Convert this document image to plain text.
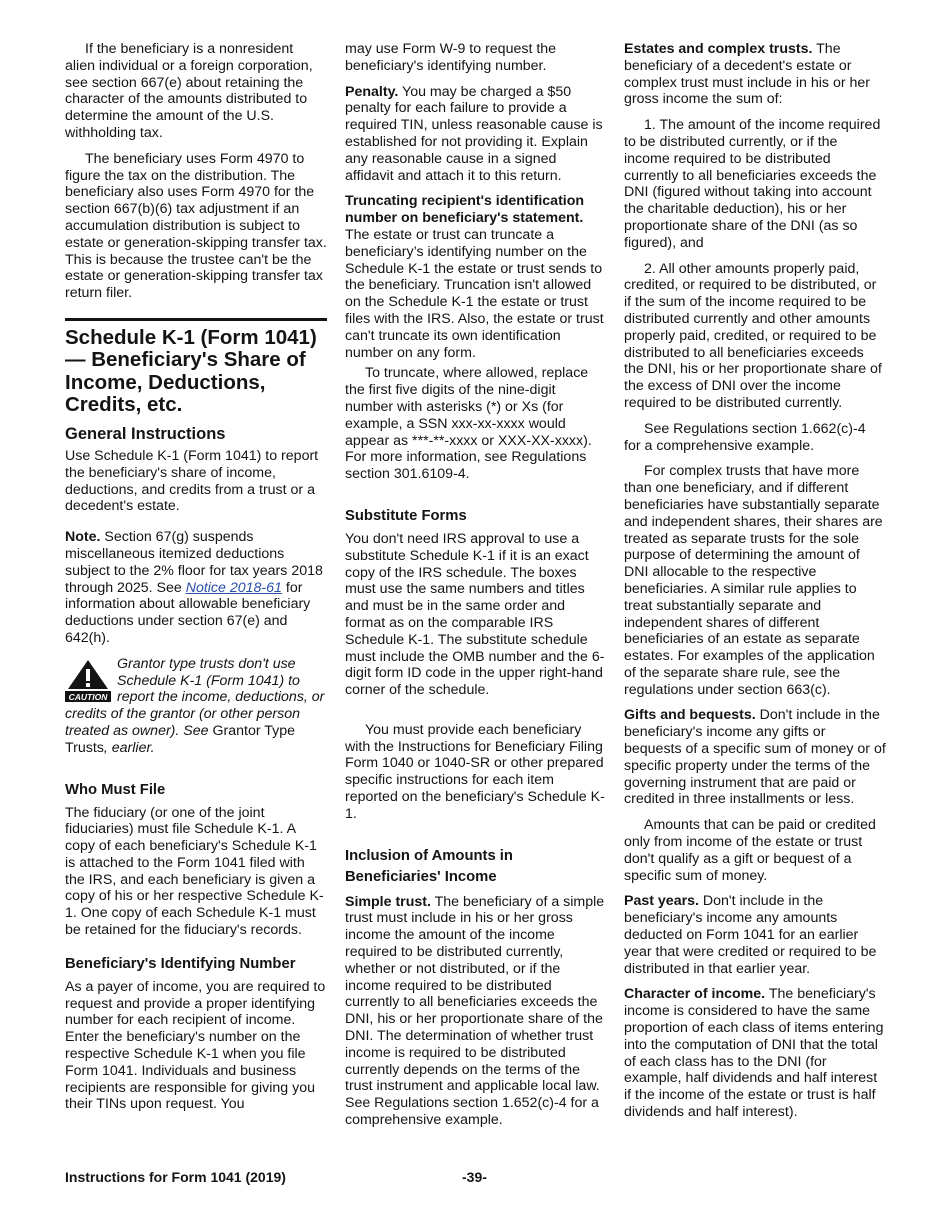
If the beneficiary is a nonresident alien individual or a foreign corporation, see section 667(e) about retaining the character of the amounts distributed to determine the amount of the U.S. withholding tax.

The beneficiary uses Form 4970 to figure the tax on the distribution. The beneficiary also uses Form 4970 for the section 667(b)(6) tax adjustment if an accumulation distribution is subject to estate or generation-skipping transfer tax. This is because the trustee can't be the estate or generation-skipping transfer tax return filer.

Schedule K-1 (Form 1041)— Beneficiary's Share of Income, Deductions, Credits, etc.
General Instructions

Use Schedule K-1 (Form 1041) to report the beneficiary's share of income, deductions, and credits from a trust or a decedent's estate.

Note. Section 67(g) suspends miscellaneous itemized deductions subject to the 2% floor for tax years 2018 through 2025. See Notice 2018-61 for information about allowable beneficiary deductions under section 67(e) and 642(h).

CAUTION
Grantor type trusts don't use Schedule K-1 (Form 1041) to report the income, deductions, or credits of the grantor (or other person treated as owner). See Grantor Type Trusts, earlier.
Who Must File

The fiduciary (or one of the joint fiduciaries) must file Schedule K-1. A copy of each beneficiary's Schedule K-1 is attached to the Form 1041 filed with the IRS, and each beneficiary is given a copy of his or her respective Schedule K-1. One copy of each Schedule K-1 must be retained for the fiduciary's records.

Beneficiary's Identifying Number

As a payer of income, you are required to request and provide a proper identifying number for each recipient of income. Enter the beneficiary's number on the respective Schedule K-1 when you file Form 1041. Individuals and business recipients are responsible for giving you their TINs upon request. You

may use Form W-9 to request the beneficiary's identifying number.

Penalty. You may be charged a $50 penalty for each failure to provide a required TIN, unless reasonable cause is established for not providing it. Explain any reasonable cause in a signed affidavit and attach it to this return.

Truncating recipient's identification number on beneficiary's statement. The estate or trust can truncate a beneficiary’s identifying number on the Schedule K-1 the estate or trust sends to the beneficiary. Truncation isn't allowed on the Schedule K-1 the estate or trust files with the IRS. Also, the estate or trust can't truncate its own identification number on any form.

To truncate, where allowed, replace the first five digits of the nine-digit number with asterisks (*) or Xs (for example, a SSN xxx-xx-xxxx would appear as ***-**-xxxx or XXX-XX-xxxx). For more information, see Regulations section 301.6109-4.

Substitute Forms

You don't need IRS approval to use a substitute Schedule K-1 if it is an exact copy of the IRS schedule. The boxes must use the same numbers and titles and must be in the same order and format as on the comparable IRS Schedule K-1. The substitute schedule must include the OMB number and the 6-digit form ID code in the upper right-hand corner of the schedule.

You must provide each beneficiary with the Instructions for Beneficiary Filing Form 1040 or 1040-SR or other prepared specific instructions for each item reported on the beneficiary's Schedule K-1.

Inclusion of Amounts in Beneficiaries' Income

Simple trust. The beneficiary of a simple trust must include in his or her gross income the amount of the income required to be distributed currently, whether or not distributed, or if the income required to be distributed currently to all beneficiaries exceeds the DNI, his or her proportionate share of the DNI. The determination of whether trust income is required to be distributed currently depends on the terms of the trust instrument and applicable local law. See Regulations section 1.652(c)-4 for a comprehensive example.

Estates and complex trusts. The beneficiary of a decedent's estate or complex trust must include in his or her gross income the sum of:

1. The amount of the income required to be distributed currently, or if the income required to be distributed currently to all beneficiaries exceeds the DNI (figured without taking into account the charitable deduction), his or her proportionate share of the DNI (as so figured), and

2. All other amounts properly paid, credited, or required to be distributed, or if the sum of the income required to be distributed currently and other amounts properly paid, credited, or required to be distributed to all beneficiaries exceeds the DNI, his or her proportionate share of the excess of DNI over the income required to be distributed currently.

See Regulations section 1.662(c)-4 for a comprehensive example.

For complex trusts that have more than one beneficiary, and if different beneficiaries have substantially separate and independent shares, their shares are treated as separate trusts for the sole purpose of determining the amount of DNI allocable to the respective beneficiaries. A similar rule applies to treat substantially separate and independent shares of different beneficiaries of an estate as separate estates. For examples of the application of the separate share rule, see the regulations under section 663(c).

Gifts and bequests. Don't include in the beneficiary's income any gifts or bequests of a specific sum of money or of specific property under the terms of the governing instrument that are paid or credited in three installments or less.

Amounts that can be paid or credited only from income of the estate or trust don't qualify as a gift or bequest of a specific sum of money.

Past years. Don't include in the beneficiary's income any amounts deducted on Form 1041 for an earlier year that were credited or required to be distributed in that earlier year.

Character of income. The beneficiary's income is considered to have the same proportion of each class of items entering into the computation of DNI that the total of each class has to the DNI (for example, half dividends and half interest if the income of the estate or trust is half dividends and half interest).

Instructions for Form 1041 (2019)	-39-
